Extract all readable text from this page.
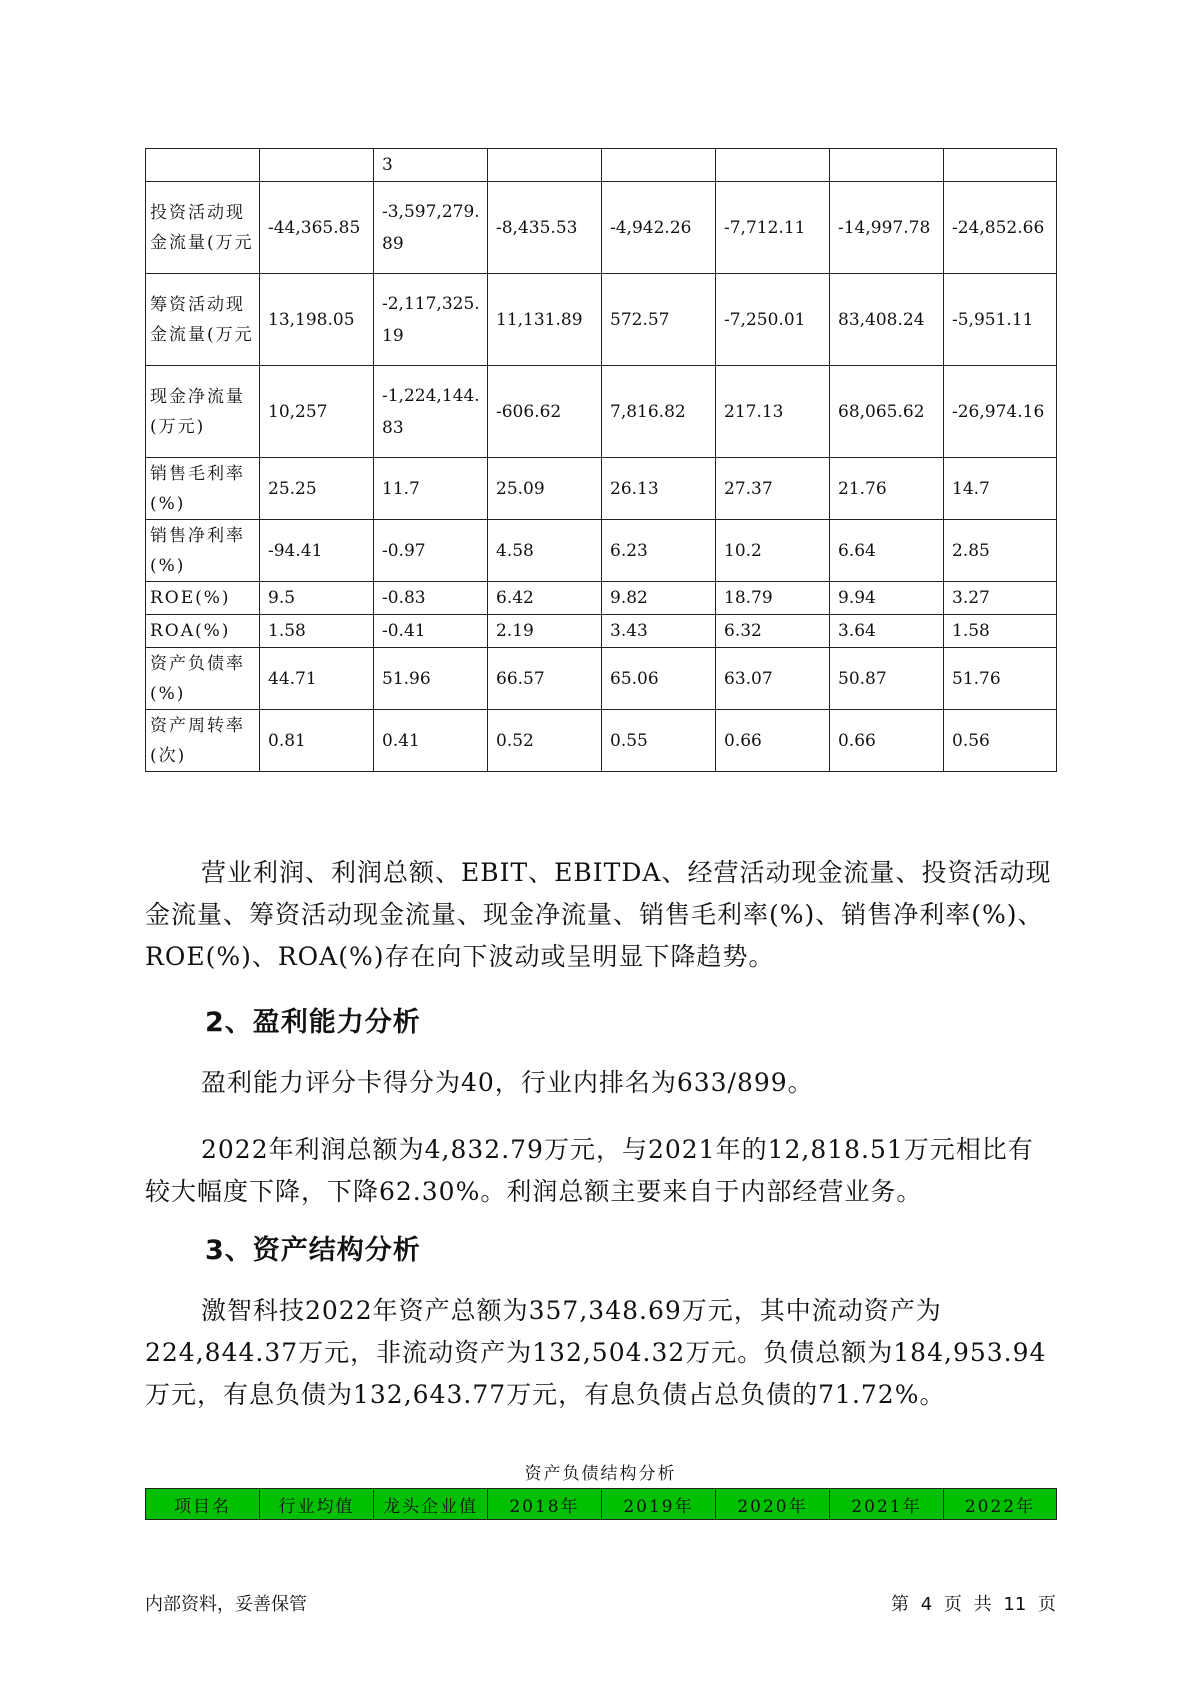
		3					
投资活动现金流量(万元	-44,365.85	-3,597,279.89	-8,435.53	-4,942.26	-7,712.11	-14,997.78	-24,852.66
筹资活动现金流量(万元	13,198.05	-2,117,325.19	11,131.89	572.57	-7,250.01	83,408.24	-5,951.11
现金净流量(万元)	10,257	-1,224,144.83	-606.62	7,816.82	217.13	68,065.62	-26,974.16
销售毛利率(%)	25.25	11.7	25.09	26.13	27.37	21.76	14.7
销售净利率(%)	-94.41	-0.97	4.58	6.23	10.2	6.64	2.85
ROE(%)	9.5	-0.83	6.42	9.82	18.79	9.94	3.27
ROA(%)	1.58	-0.41	2.19	3.43	6.32	3.64	1.58
资产负债率(%)	44.71	51.96	66.57	65.06	63.07	50.87	51.76
资产周转率(次)	0.81	0.41	0.52	0.55	0.66	0.66	0.56

营业利润、利润总额、EBIT、EBITDA、经营活动现金流量、投资活动现金流量、筹资活动现金流量、现金净流量、销售毛利率(%)、销售净利率(%)、ROE(%)、ROA(%)存在向下波动或呈明显下降趋势。

2、盈利能力分析

盈利能力评分卡得分为40，行业内排名为633/899。

2022年利润总额为4,832.79万元，与2021年的12,818.51万元相比有较大幅度下降，下降62.30%。利润总额主要来自于内部经营业务。

3、资产结构分析

激智科技2022年资产总额为357,348.69万元，其中流动资产为224,844.37万元，非流动资产为132,504.32万元。负债总额为184,953.94万元，有息负债为132,643.77万元，有息负债占总负债的71.72%。

资产负债结构分析
项目名	行业均值	龙头企业值	2018年	2019年	2020年	2021年	2022年
内部资料，妥善保管	第 4 页 共 11 页
